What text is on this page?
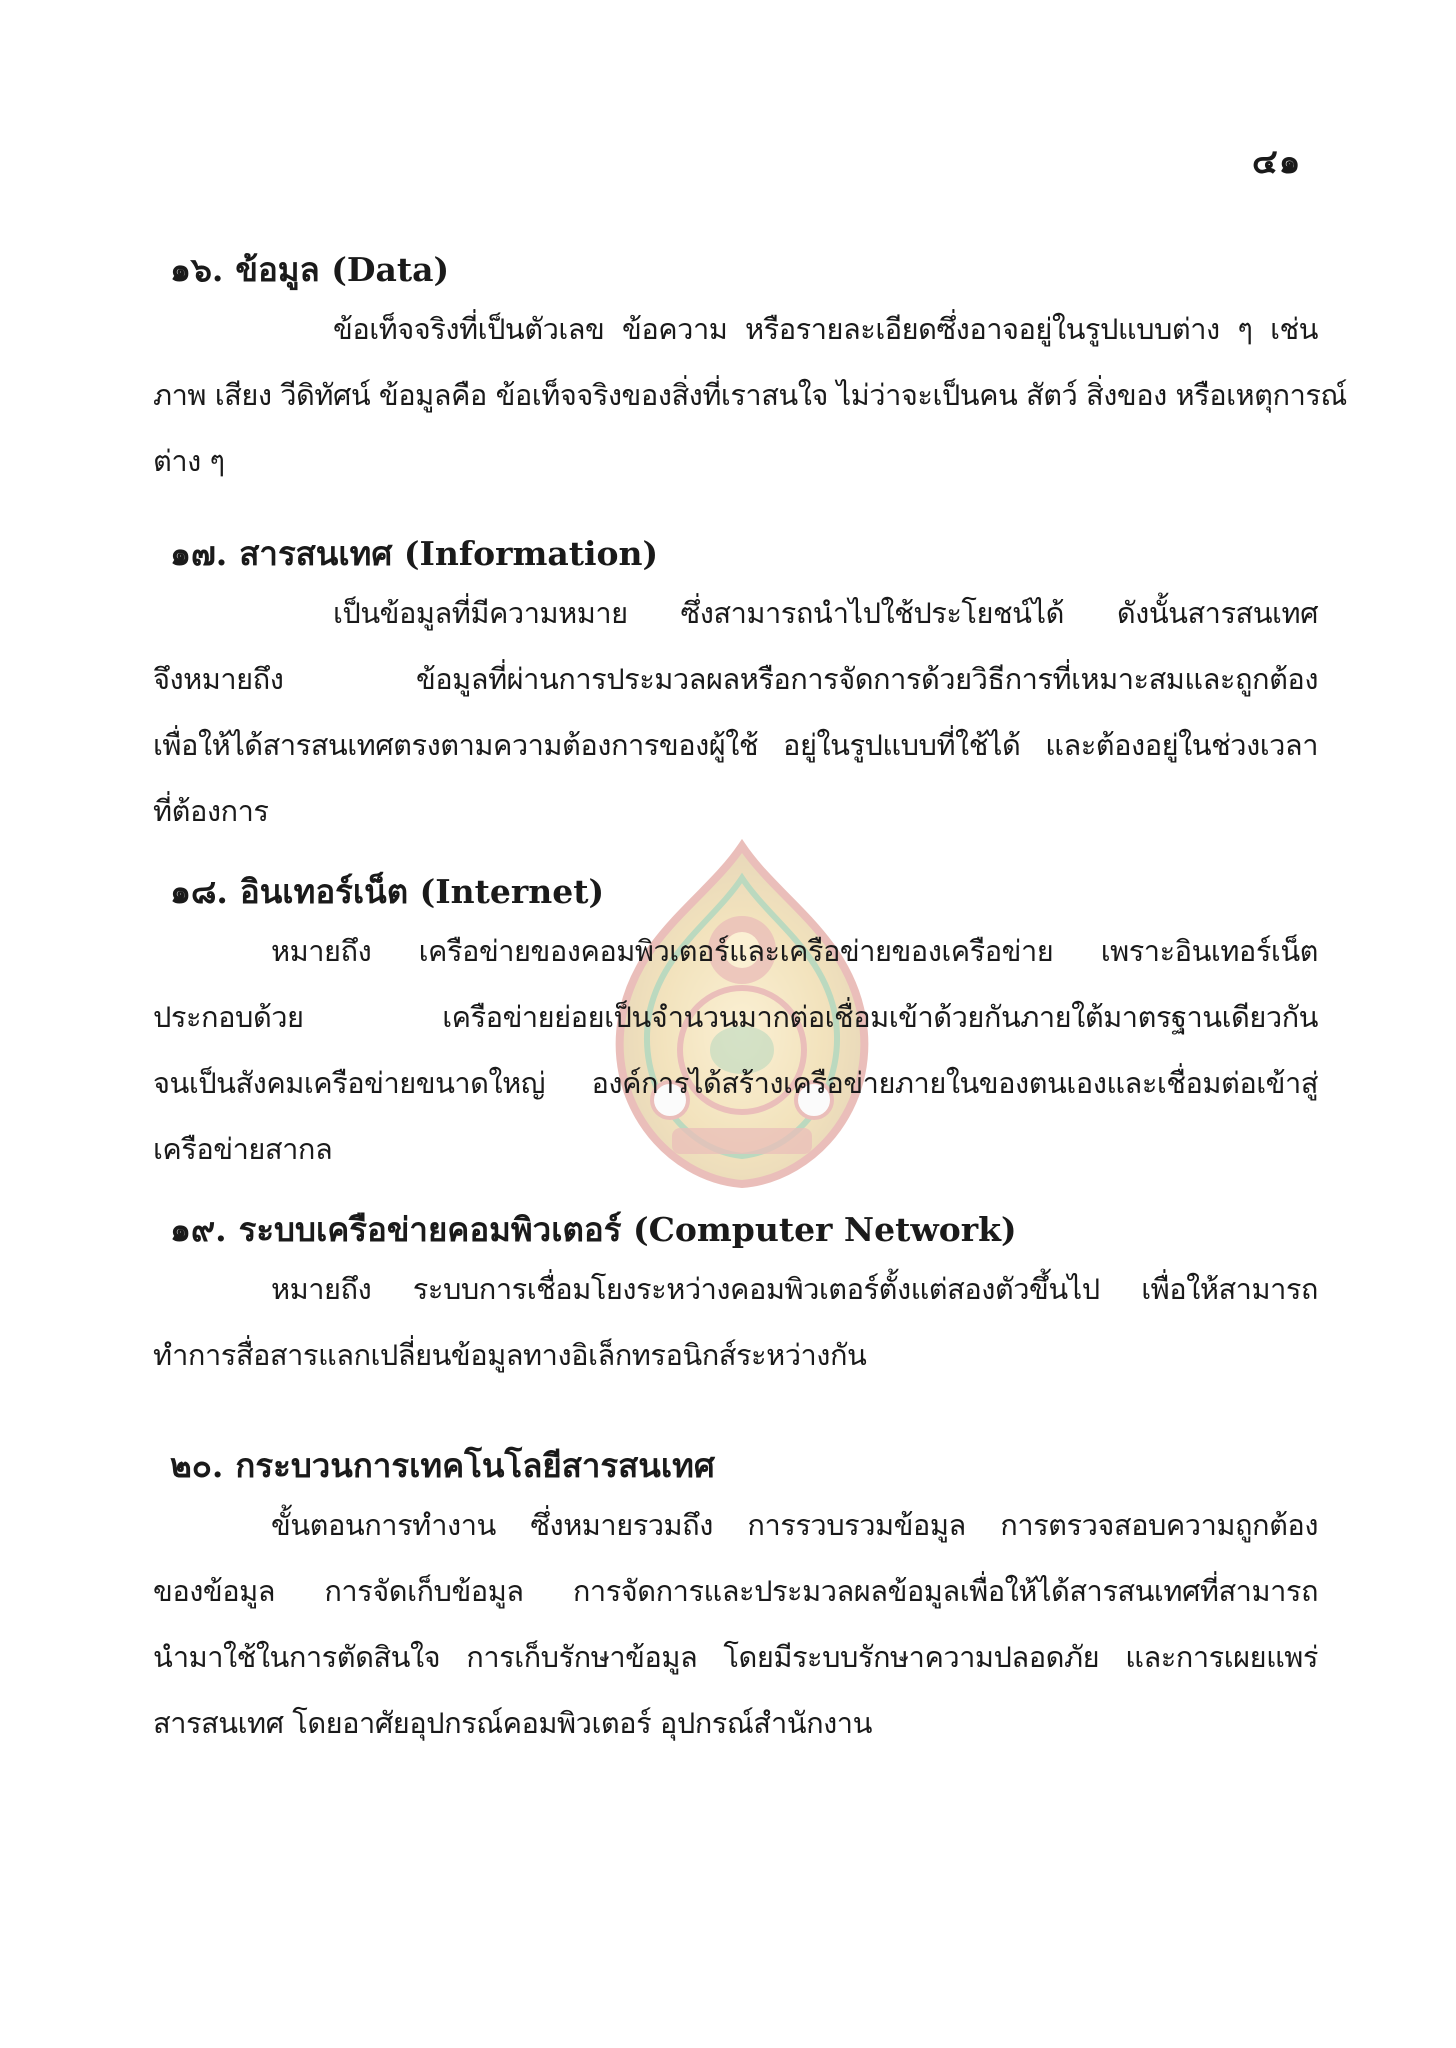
๔๑
๑๖. ข้อมูล (Data)
ข้อเท็จจริงที่เป็นตัวเลข ข้อความ หรือรายละเอียดซึ่งอาจอยู่ในรูปแบบต่าง ๆ เช่น
ภาพ เสียง วีดิทัศน์ ข้อมูลคือ ข้อเท็จจริงของสิ่งที่เราสนใจ ไม่ว่าจะเป็นคน สัตว์ สิ่งของ หรือเหตุการณ์
ต่าง ๆ
๑๗. สารสนเทศ (Information)
เป็นข้อมูลที่มีความหมาย ซึ่งสามารถนำไปใช้ประโยชน์ได้ ดังนั้นสารสนเทศ
จึงหมายถึง ข้อมูลที่ผ่านการประมวลผลหรือการจัดการด้วยวิธีการที่เหมาะสมและถูกต้อง
เพื่อให้ได้สารสนเทศตรงตามความต้องการของผู้ใช้ อยู่ในรูปแบบที่ใช้ได้ และต้องอยู่ในช่วงเวลา
ที่ต้องการ
๑๘. อินเทอร์เน็ต (Internet)
หมายถึง เครือข่ายของคอมพิวเตอร์และเครือข่ายของเครือข่าย เพราะอินเทอร์เน็ต
ประกอบด้วย เครือข่ายย่อยเป็นจำนวนมากต่อเชื่อมเข้าด้วยกันภายใต้มาตรฐานเดียวกัน
จนเป็นสังคมเครือข่ายขนาดใหญ่ องค์การได้สร้างเครือข่ายภายในของตนเองและเชื่อมต่อเข้าสู่
เครือข่ายสากล
๑๙. ระบบเครือข่ายคอมพิวเตอร์ (Computer Network)
หมายถึง ระบบการเชื่อมโยงระหว่างคอมพิวเตอร์ตั้งแต่สองตัวขึ้นไป เพื่อให้สามารถ
ทำการสื่อสารแลกเปลี่ยนข้อมูลทางอิเล็กทรอนิกส์ระหว่างกัน
๒๐. กระบวนการเทคโนโลยีสารสนเทศ
ขั้นตอนการทำงาน ซึ่งหมายรวมถึง การรวบรวมข้อมูล การตรวจสอบความถูกต้อง
ของข้อมูล การจัดเก็บข้อมูล การจัดการและประมวลผลข้อมูลเพื่อให้ได้สารสนเทศที่สามารถ
นำมาใช้ในการตัดสินใจ การเก็บรักษาข้อมูล โดยมีระบบรักษาความปลอดภัย และการเผยแพร่
สารสนเทศ โดยอาศัยอุปกรณ์คอมพิวเตอร์ อุปกรณ์สำนักงาน
